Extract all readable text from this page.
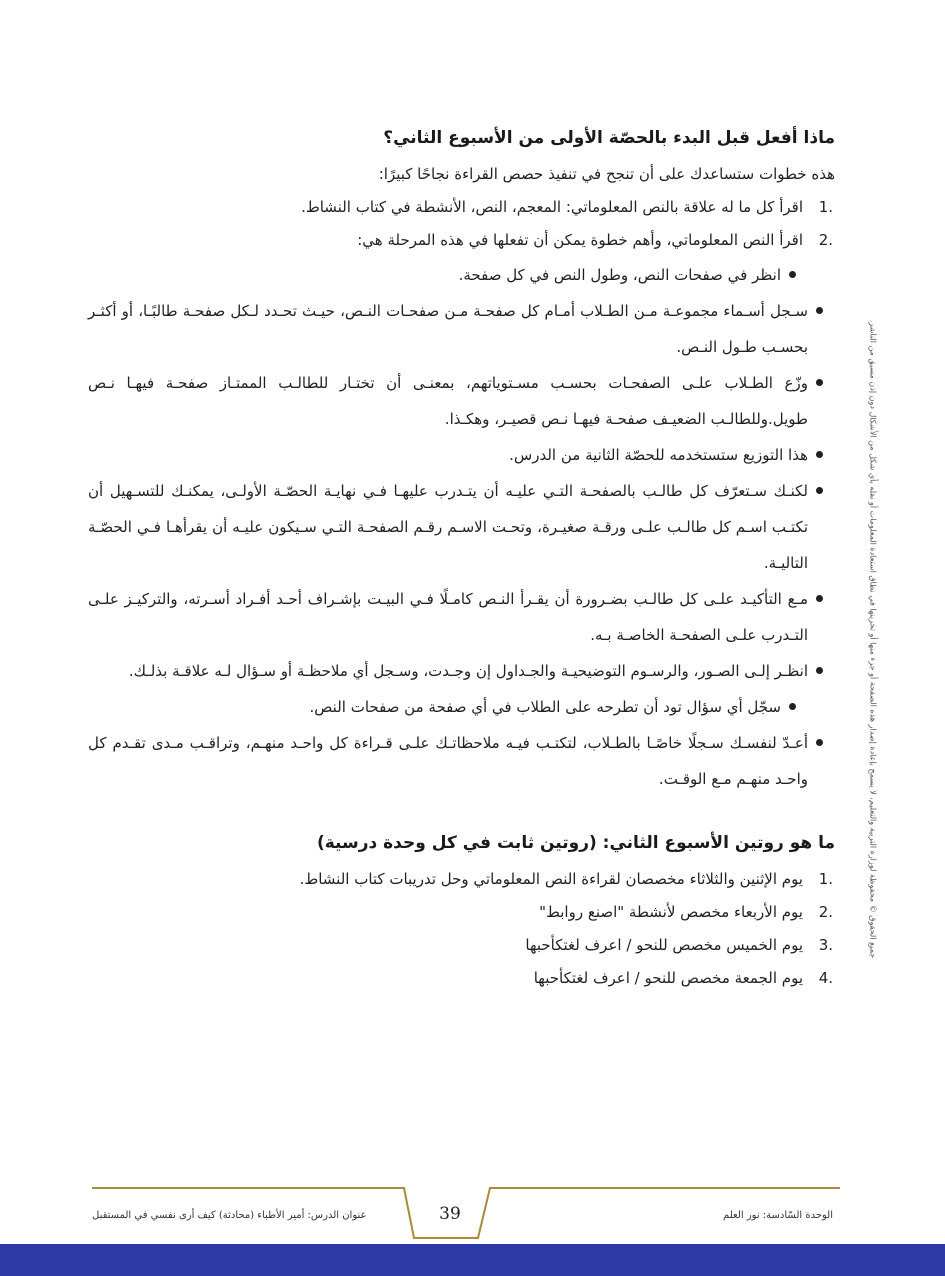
ماذا أفعل قبل البدء بالحصّة الأولى من الأسبوع الثاني؟

هذه خطوات ستساعدك على أن تنجح في تنفيذ حصص القراءة نجاحًا كبيرًا:

1.
اقرأ كل ما له علاقة بالنص المعلوماتي: المعجم، النص، الأنشطة في كتاب النشاط.
2.
اقرأ النص المعلوماتي، وأهم خطوة يمكن أن تفعلها في هذه المرحلة هي:
انظر في صفحات النص، وطول النص في كل صفحة.
سـجل أسـماء مجموعـة مـن الطـلاب أمـام كل صفحـة مـن صفحـات النـص، حيـث تحـدد لـكل صفحـة طالبًـا، أو أكثـر بحسـب طـول النـص.
وزّع الطـلاب علـى الصفحـات بحسـب مسـتوياتهم، بمعنـى أن تختـار للطالـب الممتـاز صفحـة فيهـا نـص طويل.وللطالـب الضعيـف صفحـة فيهـا نـص قصيـر، وهكـذا.
هذا التوزيع ستستخدمه للحصّة الثانية من الدرس.
لكنـك سـتعرّف كل طالـب بالصفحـة التـي عليـه أن يتـدرب عليهـا فـي نهايـة الحصّـة الأولـى، يمكنـك للتسـهيل أن تكتـب اسـم كل طالـب علـى ورقـة صغيـرة، وتحـت الاسـم رقـم الصفحـة التـي سـيكون عليـه أن يقرأهـا فـي الحصّـة التاليـة.
مـع التأكيـد علـى كل طالـب بضـرورة أن يقـرأ النـص كامـلًا فـي البيـت بإشـراف أحـد أفـراد أسـرته، والتركيـز علـى التـدرب علـى الصفحـة الخاصـة بـه.
انظـر إلـى الصـور، والرسـوم التوضيحيـة والجـداول إن وجـدت، وسـجل أي ملاحظـة أو سـؤال لـه علاقـة بذلـك.
سجّل أي سؤال تود أن تطرحه على الطلاب في أي صفحة من صفحات النص.
أعـدّ لنفسـك سـجلًا خاصًـا بالطـلاب، لتكتـب فيـه ملاحظاتـك علـى قـراءة كل واحـد منهـم، وتراقـب مـدى تقـدم كل واحـد منهـم مـع الوقـت.
ما هو روتين الأسبوع الثاني: (روتين ثابت في كل وحدة درسية)
1.
يوم الإثنين والثلاثاء مخصصان لقراءة النص المعلوماتي وحل تدريبات كتاب النشاط.
2.
يوم الأربعاء مخصص لأنشطة "اصنع روابط"
3.
يوم الخميس مخصص للنحو / اعرف لغتكأحبها
4.
يوم الجمعة مخصص للنحو / اعرف لغتكأحبها
جميع الحقوق © محفوظة لوزارة التربية والتعليم، لا يسمح بإعادة إصدار هذه الصفحة أو جزء منها أو تخزينها في نطاق استعادة المعلومات أو نقله بأي شكل من الأشكال دون إذن مسبق من الناشر.
عنوان الدرس: أمير الأطباء (محادثة) كيف أرى نفسي في المستقبل	39	الوحدة السّادسة: نور العلم
